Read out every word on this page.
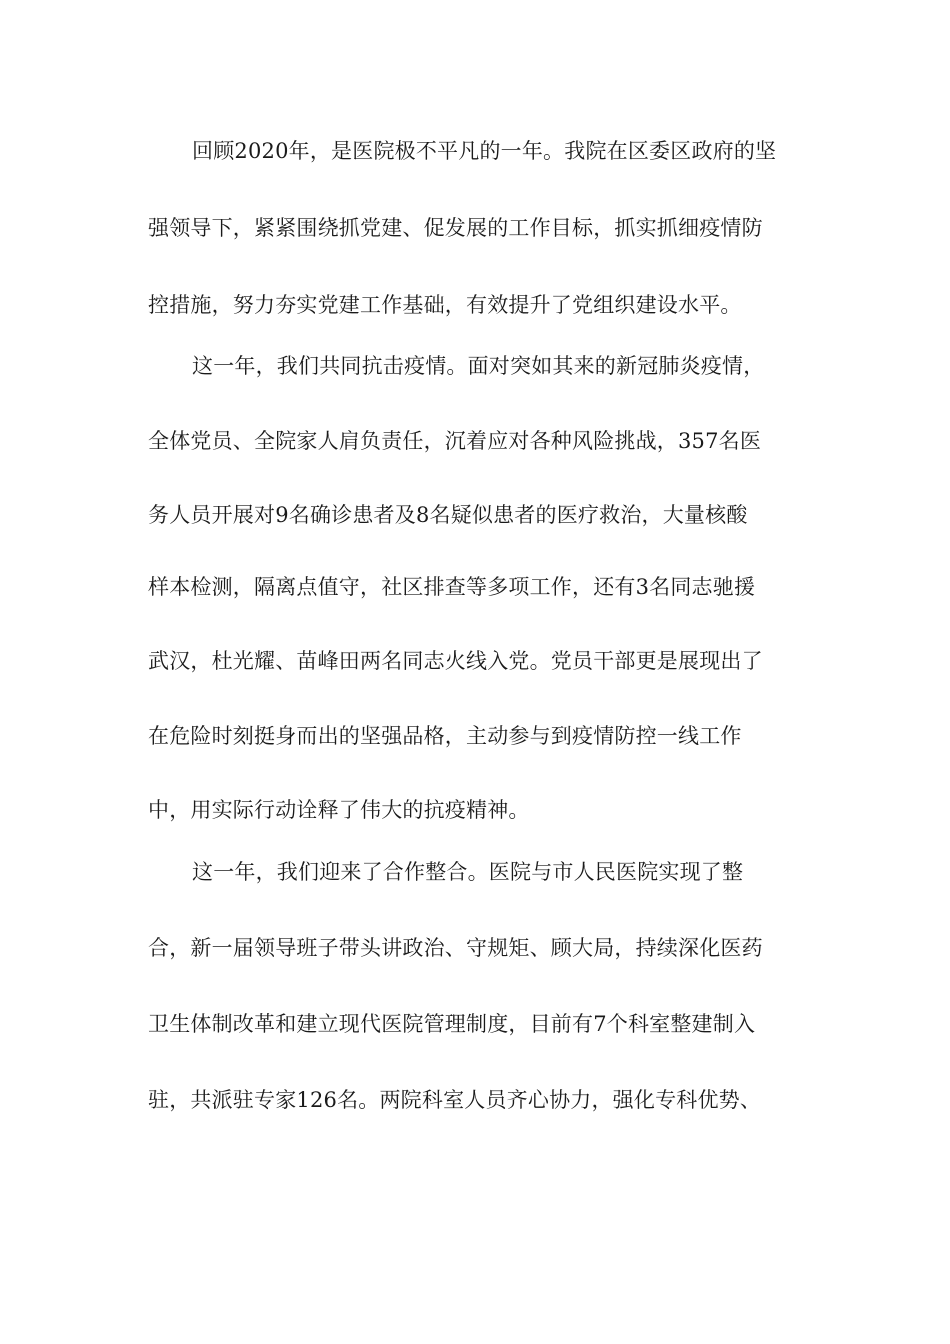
回顾2020年，是医院极不平凡的一年。我院在区委区政府的坚
强领导下，紧紧围绕抓党建、促发展的工作目标，抓实抓细疫情防
控措施，努力夯实党建工作基础，有效提升了党组织建设水平。
这一年，我们共同抗击疫情。面对突如其来的新冠肺炎疫情，
全体党员、全院家人肩负责任，沉着应对各种风险挑战，357名医
务人员开展对9名确诊患者及8名疑似患者的医疗救治，大量核酸
样本检测，隔离点值守，社区排查等多项工作，还有3名同志驰援
武汉，杜光耀、苗峰田两名同志火线入党。党员干部更是展现出了
在危险时刻挺身而出的坚强品格，主动参与到疫情防控一线工作
中，用实际行动诠释了伟大的抗疫精神。
这一年，我们迎来了合作整合。医院与市人民医院实现了整
合，新一届领导班子带头讲政治、守规矩、顾大局，持续深化医药
卫生体制改革和建立现代医院管理制度，目前有7个科室整建制入
驻，共派驻专家126名。两院科室人员齐心协力，强化专科优势、
